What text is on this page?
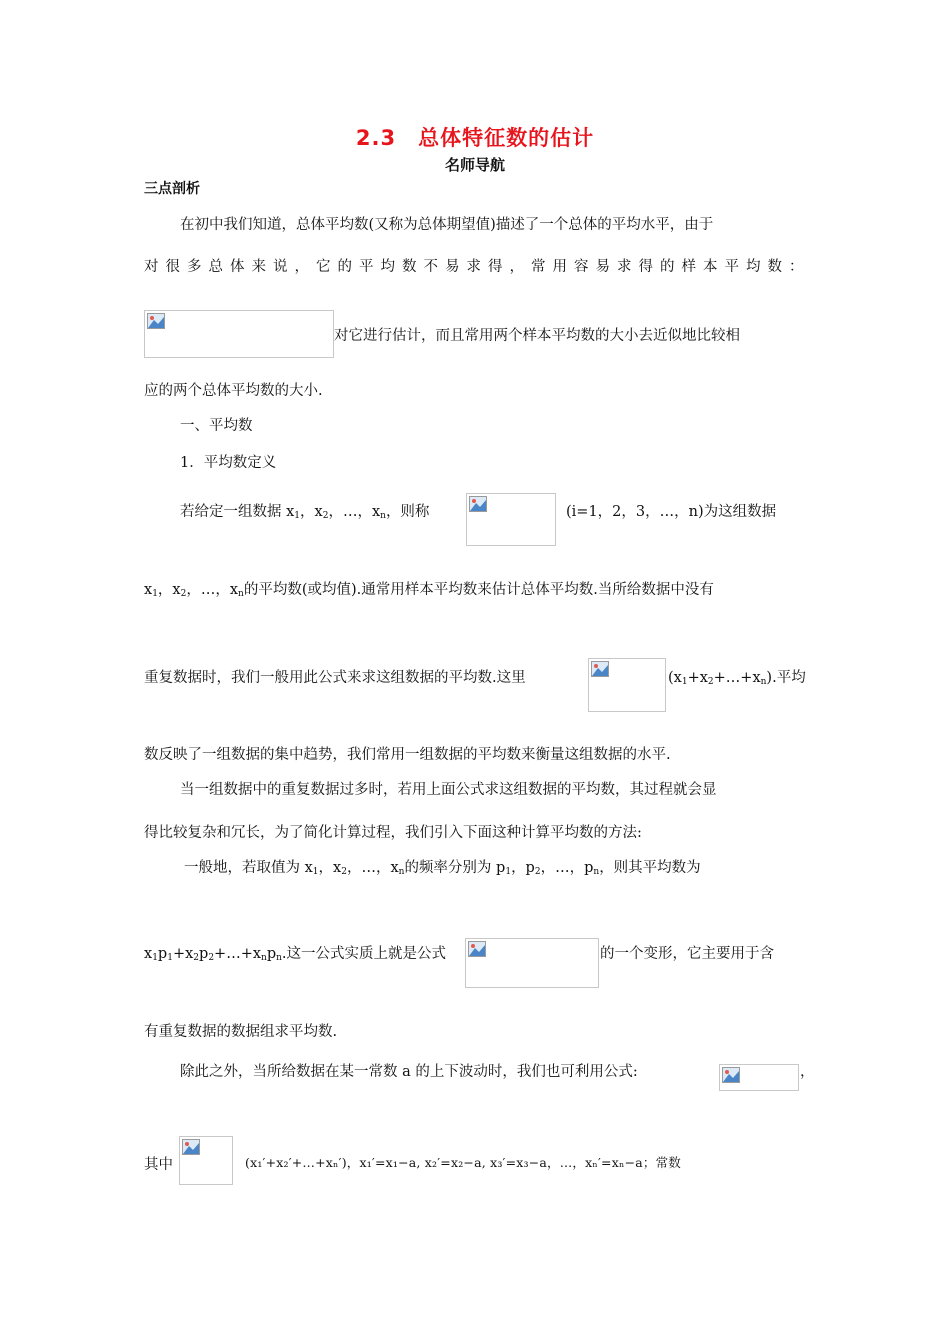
2.3　总体特征数的估计
名师导航
三点剖析
在初中我们知道，总体平均数(又称为总体期望值)描述了一个总体的平均水平，由于
对很多总体来说，它的平均数不易求得，常用容易求得的样本平均数：
对它进行估计，而且常用两个样本平均数的大小去近似地比较相
应的两个总体平均数的大小.
一、平均数
1．平均数定义
若给定一组数据 $x_1$，$x_2$，…，$x_n$，则称	(i=1，2，3，…，n)为这组数据
$x_1$，$x_2$，…，$x_n$的平均数(或均值).通常用样本平均数来估计总体平均数.当所给数据中没有
重复数据时，我们一般用此公式来求这组数据的平均数.这里	$(x_1+x_2+\dots+x_n)$.平均
数反映了一组数据的集中趋势，我们常用一组数据的平均数来衡量这组数据的水平.
当一组数据中的重复数据过多时，若用上面公式求这组数据的平均数，其过程就会显
得比较复杂和冗长，为了简化计算过程，我们引入下面这种计算平均数的方法:
一般地，若取值为 $x_1$，$x_2$，…，$x_n$的频率分别为 $p_1$，$p_2$，…，$p_n$，则其平均数为
$x_1p_1+x_2p_2+\dots+x_np_n$.这一公式实质上就是公式	的一个变形，它主要用于含
有重复数据的数据组求平均数.
除此之外，当所给数据在某一常数 a 的上下波动时，我们也可利用公式:	，
其中	(x₁′+x₂′+…+xₙ′)，x₁′=x₁−a, x₂′=x₂−a, x₃′=x₃−a，…，xₙ′=xₙ−a；常数
